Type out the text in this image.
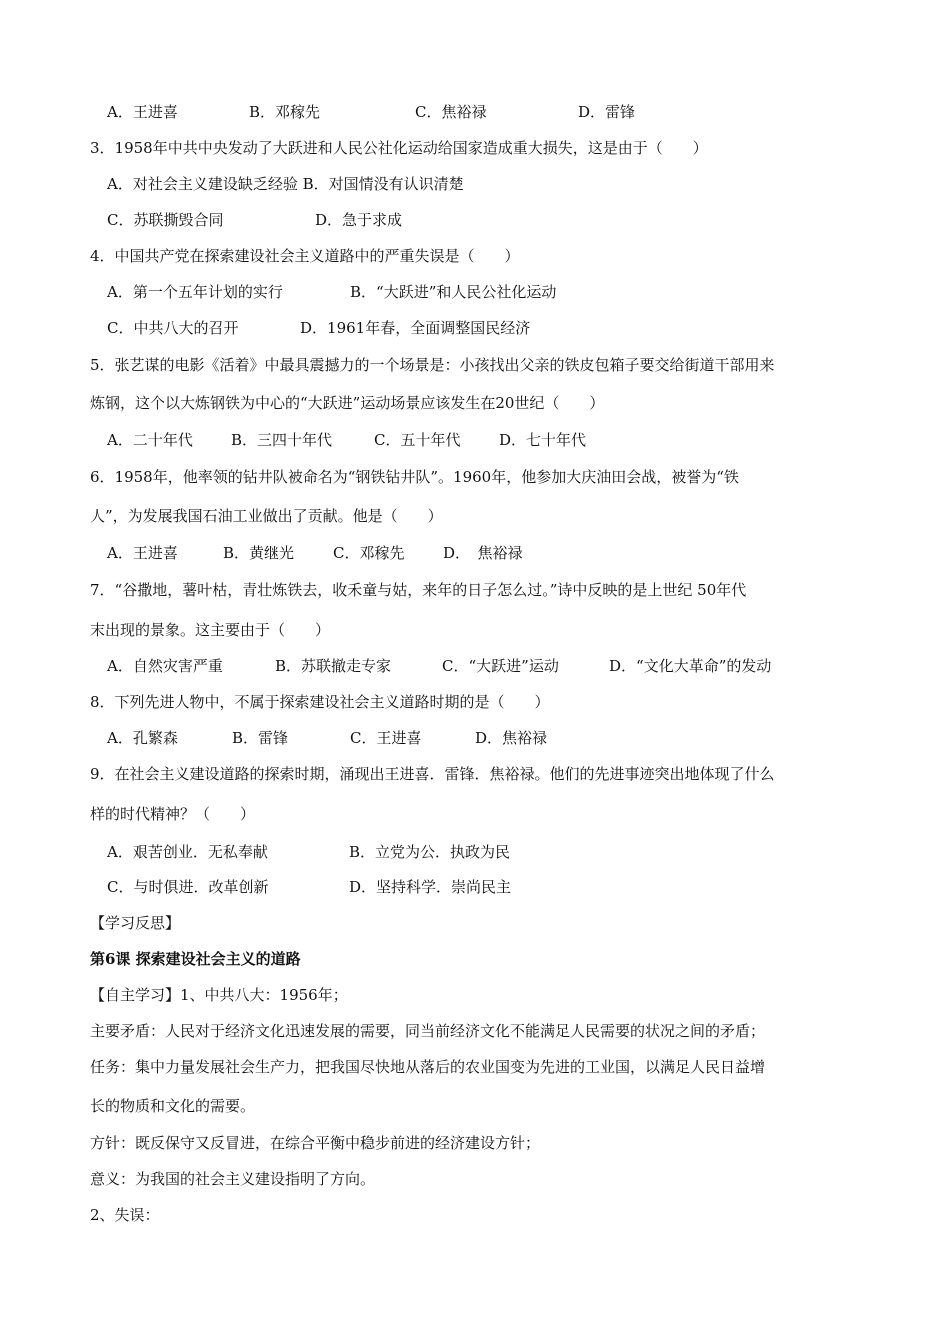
A．王进喜	B．邓稼先	C．焦裕禄	D．雷锋
3．1958年中共中央发动了大跃进和人民公社化运动给国家造成重大损失，这是由于（　　）
A．对社会主义建设缺乏经验 B．对国情没有认识清楚
C．苏联撕毁合同	D．急于求成
4．中国共产党在探索建设社会主义道路中的严重失误是（　　）
A．第一个五年计划的实行	B．“大跃进”和人民公社化运动
C．中共八大的召开	D．1961年春，全面调整国民经济
5．张艺谋的电影《活着》中最具震撼力的一个场景是：小孩找出父亲的铁皮包箱子要交给街道干部用来
炼钢，这个以大炼钢铁为中心的“大跃进”运动场景应该发生在20世纪（　　）
A．二十年代	B．三四十年代	C．五十年代	D．七十年代
6．1958年，他率领的钻井队被命名为“钢铁钻井队”。1960年，他参加大庆油田会战，被誉为“铁
人”，为发展我国石油工业做出了贡献。他是（　　）
A．王进喜	B．黄继光	C．邓稼先	D．　焦裕禄
7．“谷撒地，薯叶枯，青壮炼铁去，收禾童与姑，来年的日子怎么过。”诗中反映的是上世纪 50年代
末出现的景象。这主要由于（　　）
A．自然灾害严重	B．苏联撤走专家	C．“大跃进”运动	D．“文化大革命”的发动
8．下列先进人物中，不属于探索建设社会主义道路时期的是（　　）
A．孔繁森	B．雷锋	C．王进喜	D．焦裕禄
9．在社会主义建设道路的探索时期，涌现出王进喜．雷锋．焦裕禄。他们的先进事迹突出地体现了什么
样的时代精神？（　　）
A．艰苦创业．无私奉献	B．立党为公．执政为民
C．与时俱进．改革创新	D．坚持科学．崇尚民主
【学习反思】
第6课 探索建设社会主义的道路
【自主学习】1、中共八大：1956年；
主要矛盾：人民对于经济文化迅速发展的需要，同当前经济文化不能满足人民需要的状况之间的矛盾；
任务：集中力量发展社会生产力，把我国尽快地从落后的农业国变为先进的工业国，以满足人民日益增
长的物质和文化的需要。
方针：既反保守又反冒进，在综合平衡中稳步前进的经济建设方针；
意义：为我国的社会主义建设指明了方向。
2、失误：
